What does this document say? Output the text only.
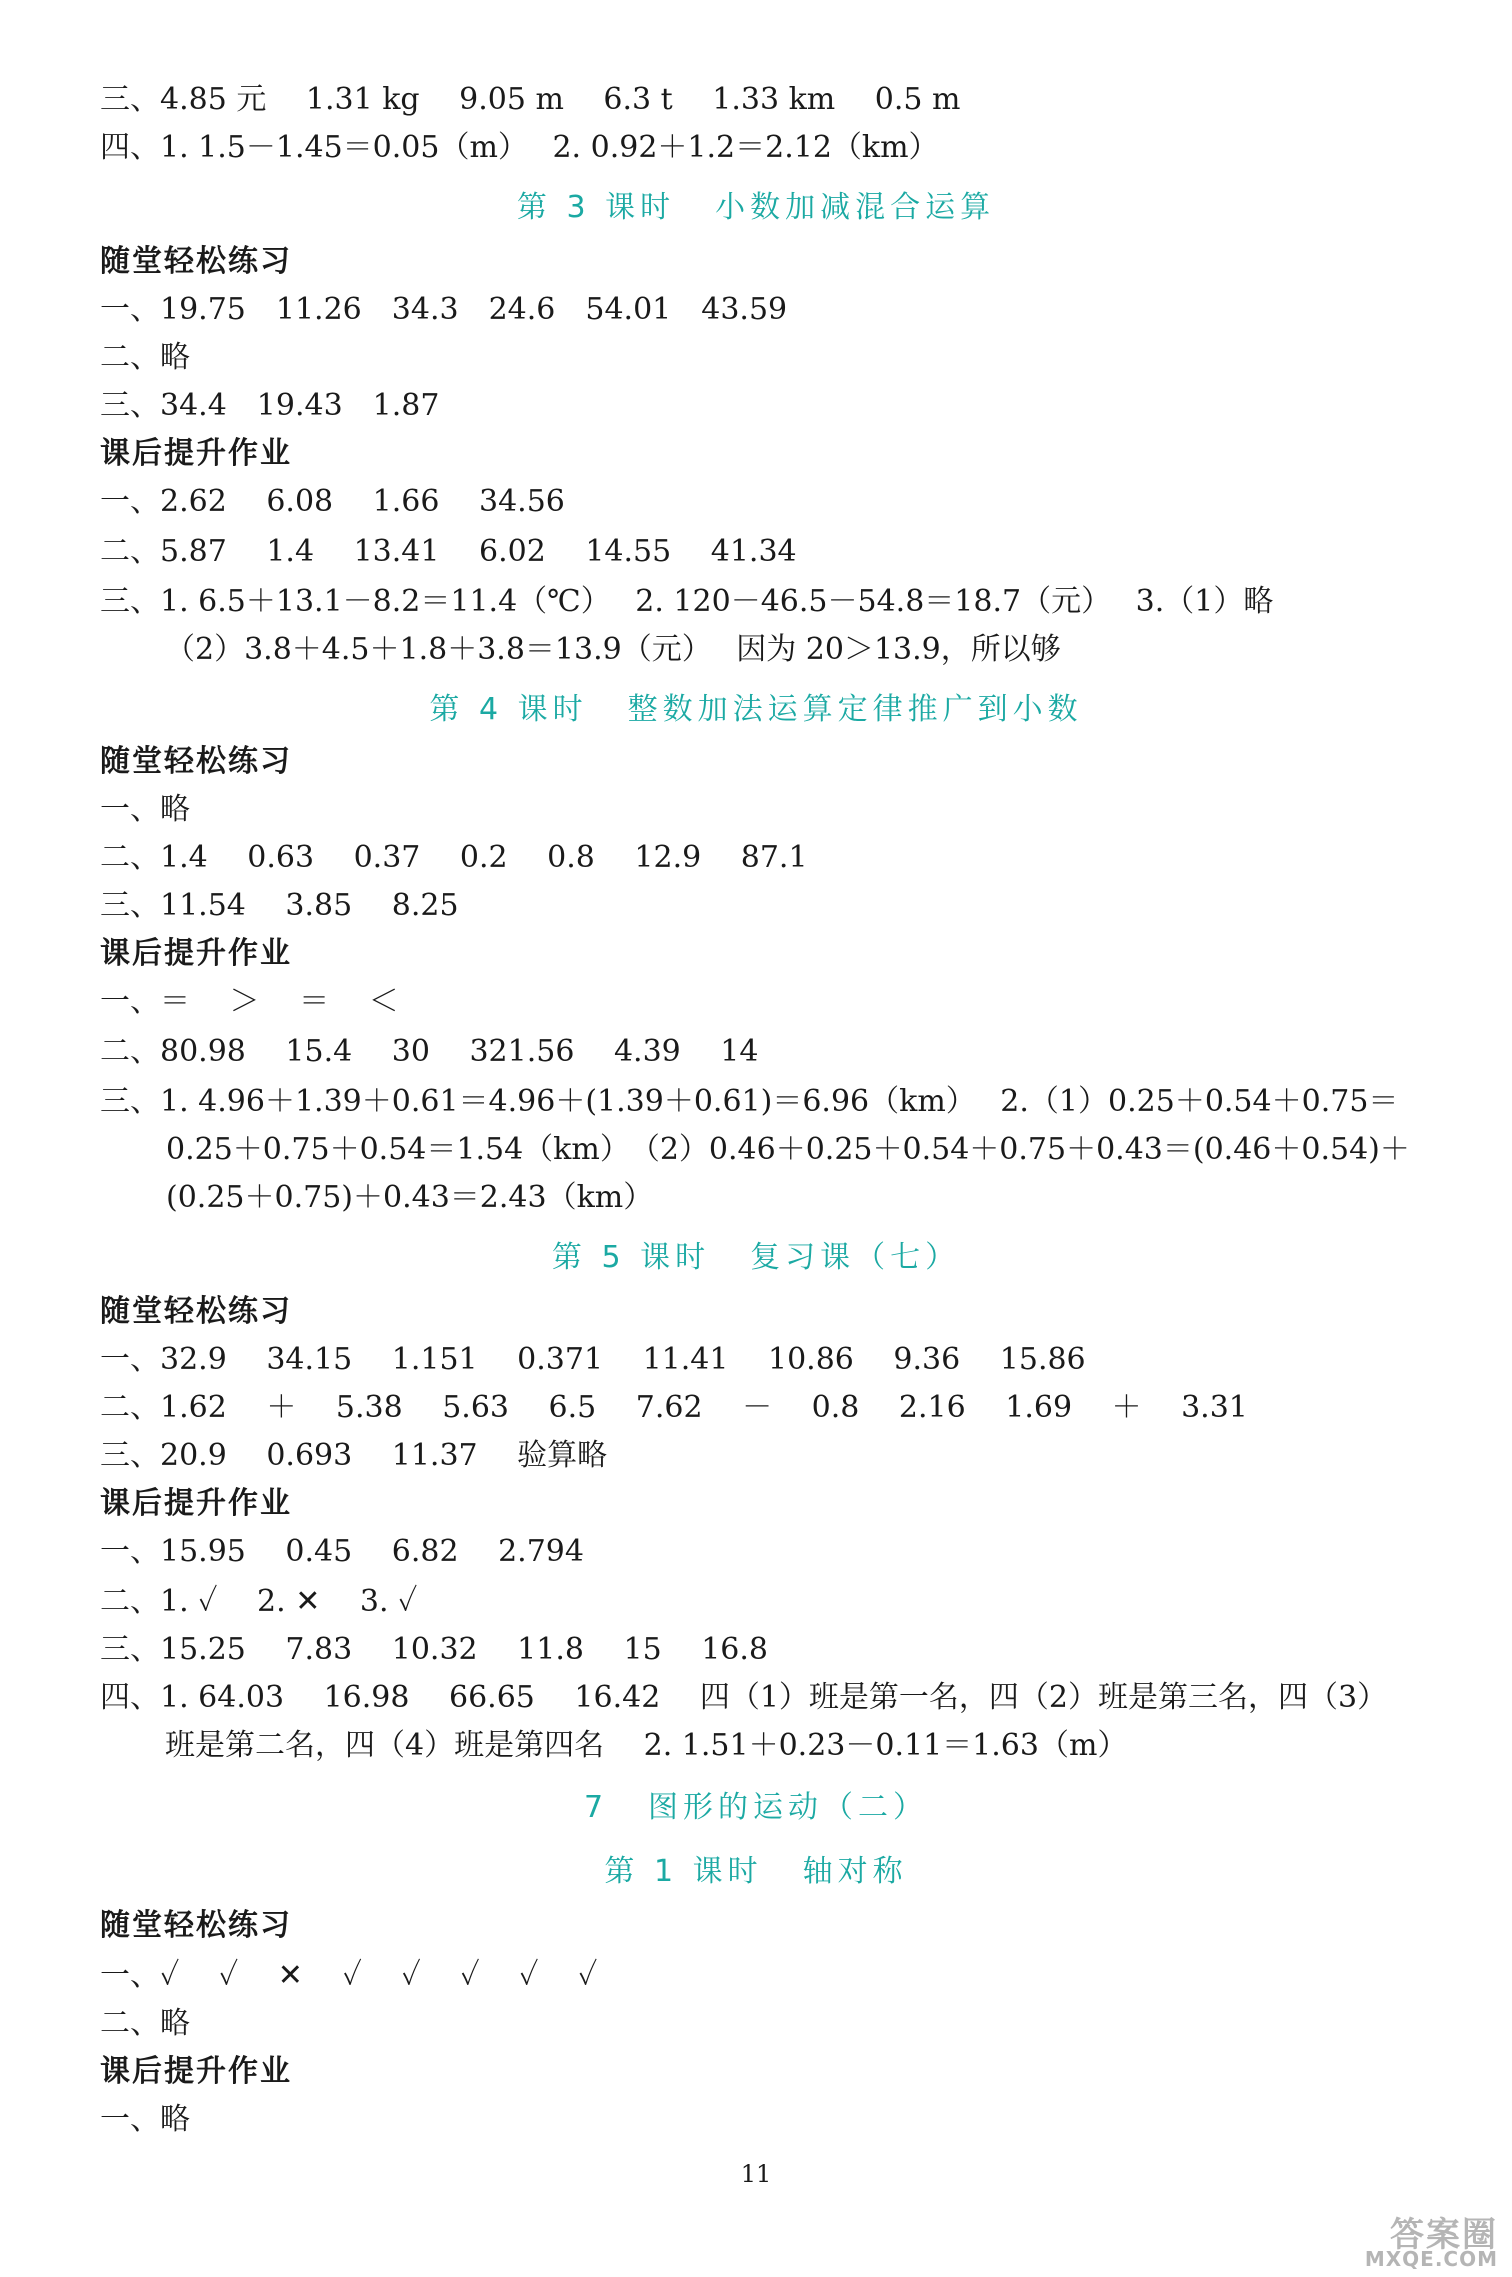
三、4.85 元　 1.31 kg　 9.05 m　 6.3 t　 1.33 km　 0.5 m
四、1. 1.5－1.45＝0.05（m）　 2. 0.92＋1.2＝2.12（km）
第 3 课时 小数加减混合运算
随堂轻松练习
一、19.75　11.26　34.3　24.6　54.01　43.59
二、略
三、34.4　19.43　1.87
课后提升作业
一、2.62　 6.08　 1.66　 34.56
二、5.87　 1.4　 13.41　 6.02　 14.55　 41.34
三、1. 6.5＋13.1－8.2＝11.4（℃）　 2. 120－46.5－54.8＝18.7（元）　 3.（1）略
（2）3.8＋4.5＋1.8＋3.8＝13.9（元）　 因为 20＞13.9，所以够
第 4 课时 整数加法运算定律推广到小数
随堂轻松练习
一、略
二、1.4　 0.63　 0.37　 0.2　 0.8　 12.9　 87.1
三、11.54　 3.85　 8.25
课后提升作业
一、＝　 ＞　 ＝　 ＜
二、80.98　 15.4　 30　 321.56　 4.39　 14
三、1. 4.96＋1.39＋0.61＝4.96＋(1.39＋0.61)＝6.96（km）　 2.（1）0.25＋0.54＋0.75＝
0.25＋0.75＋0.54＝1.54（km）　（2）0.46＋0.25＋0.54＋0.75＋0.43＝(0.46＋0.54)＋
(0.25＋0.75)＋0.43＝2.43（km）
第 5 课时 复习课（七）
随堂轻松练习
一、32.9　 34.15　 1.151　 0.371　 11.41　 10.86　 9.36　 15.86
二、1.62　 ＋　 5.38　 5.63　 6.5　 7.62　 －　 0.8　 2.16　 1.69　 ＋　 3.31
三、20.9　 0.693　 11.37　 验算略
课后提升作业
一、15.95　 0.45　 6.82　 2.794
二、1. ✓　 2. ✕　 3. ✓
三、15.25　 7.83　 10.32　 11.8　 15　 16.8
四、1. 64.03　 16.98　 66.65　 16.42　 四（1）班是第一名，四（2）班是第三名，四（3）
班是第二名，四（4）班是第四名　 2. 1.51＋0.23－0.11＝1.63（m）
7 图形的运动（二）
第 1 课时 轴对称
随堂轻松练习
一、✓　 ✓　 ✕　 ✓　 ✓　 ✓　 ✓　 ✓
二、略
课后提升作业
一、略
11
答案圈
MXQE.COM
